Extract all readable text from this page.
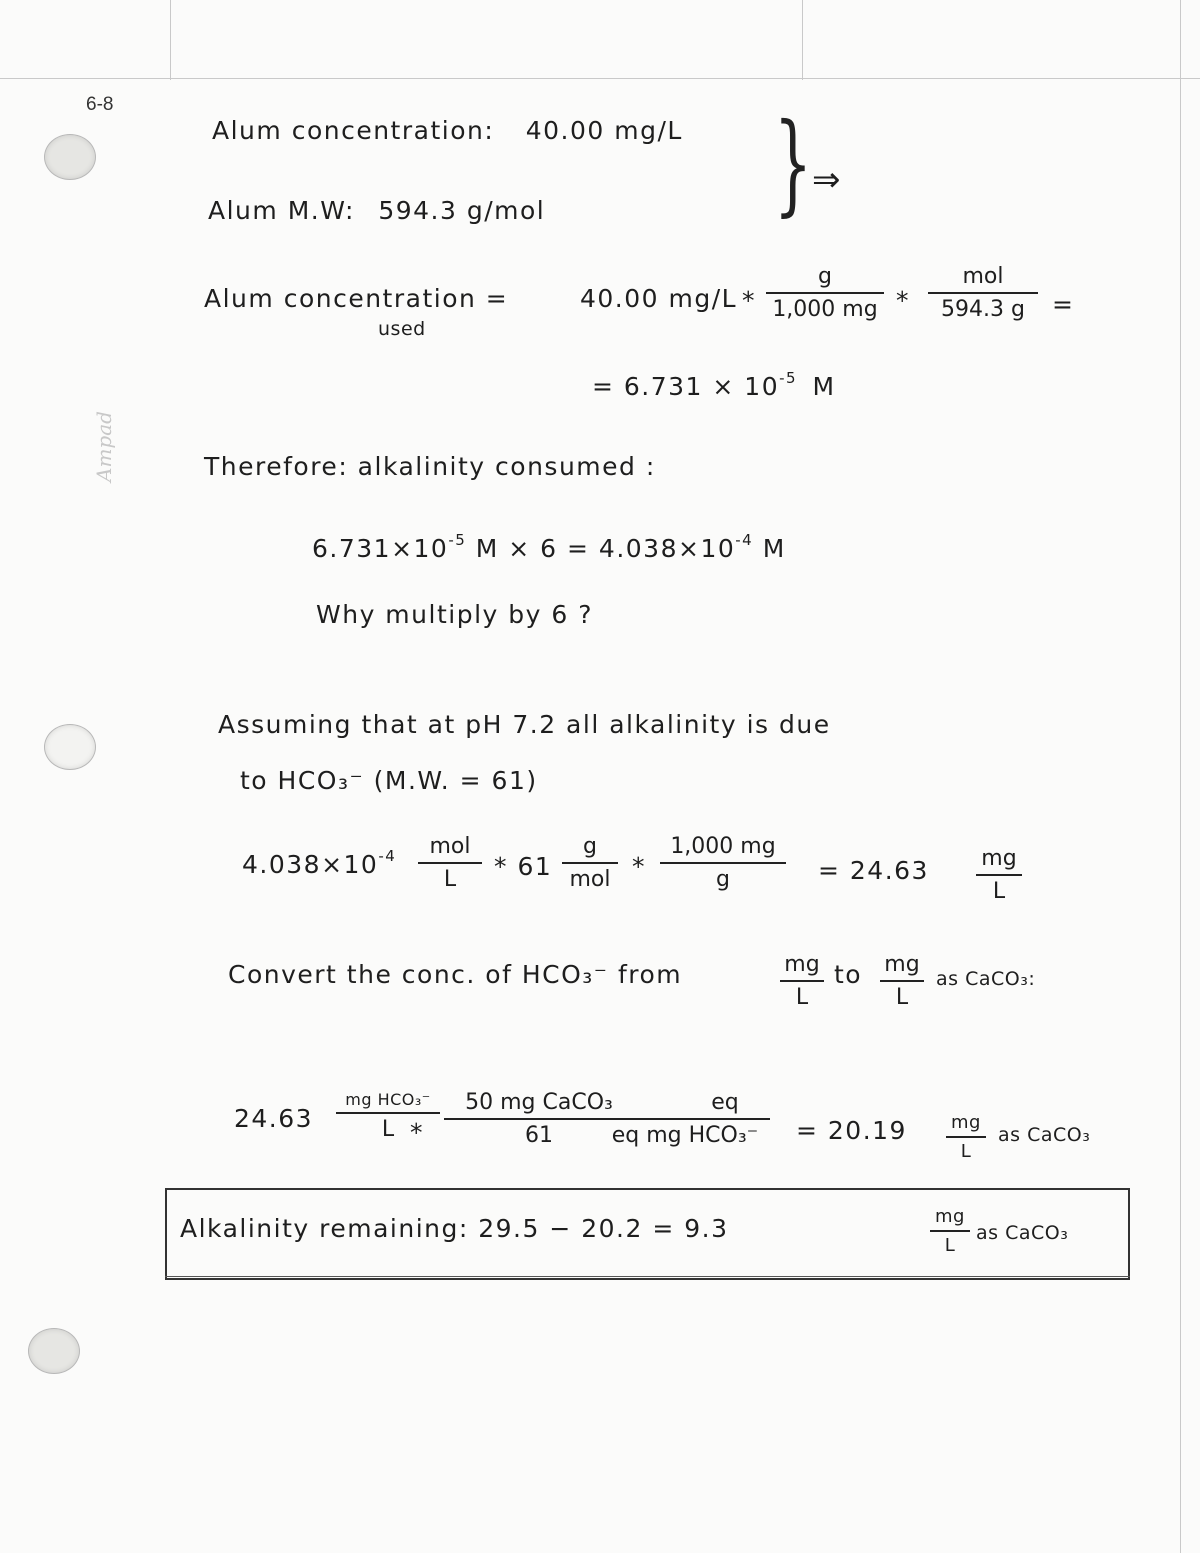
6-8
Ampad
Alum concentration: 40.00 mg/L
Alum M.W: 594.3 g/mol } ⇒
Alum concentration =
used
40.00 mg/L *
g
1,000 mg *
mol
594.3 g	=
= $6.731 \times 10^{-5}$ M
Therefore: alkalinity consumed :
$6.731\times 10^{-5}$ $M \times 6 = 4.038\times 10^{-4}$ M
Why multiply by 6 ?
Assuming that at pH 7.2 all alkalinity is due
to HCO₃⁻ (M.W. = 61)
$4.038\times 10^{-4}$	mol
L	* 61
g
mol *
1,000 mg
g	= 24.63 mg
L
Convert the conc. of HCO₃⁻ from	mg
L
to mg
L
as CaCO₃:
24.63
mg HCO₃⁻
L *
50 mg CaCO₃
61
eq
eq mg HCO₃⁻	= 20.19 mg
L
as CaCO₃
Alkalinity remaining: 29.5 − 20.2 = 9.3	mg
L
as CaCO₃
